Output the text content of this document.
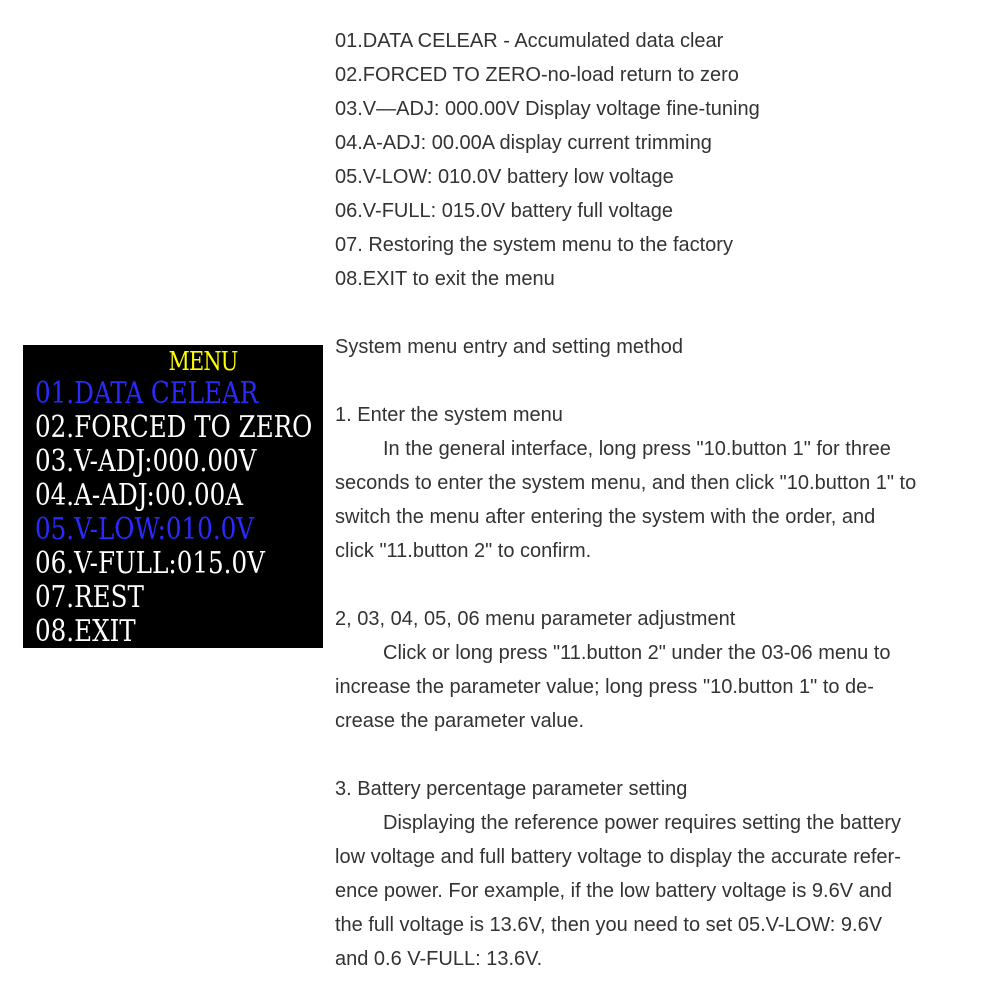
MENU
01.DATA CELEAR
02.FORCED TO ZERO
03.V-ADJ:000.00V
04.A-ADJ:00.00A
05.V-LOW:010.0V
06.V-FULL:015.0V
07.REST
08.EXIT

01.DATA CELEAR - Accumulated data clear

02.FORCED TO ZERO-no-load return to zero

03.V—ADJ: 000.00V Display voltage fine-tuning

04.A-ADJ: 00.00A display current trimming

05.V-LOW: 010.0V battery low voltage

06.V-FULL: 015.0V battery full voltage

07. Restoring the system menu to the factory

08.EXIT to exit the menu

System menu entry and setting method

1. Enter the system menu

In the general interface, long press "10.button 1" for three

seconds to enter the system menu, and then click "10.button 1" to

switch the menu after entering the system with the order, and

click "11.button 2" to confirm.

2, 03, 04, 05, 06 menu parameter adjustment

Click or long press "11.button 2" under the 03-06 menu to

increase the parameter value; long press "10.button 1" to de-

crease the parameter value.

3. Battery percentage parameter setting

Displaying the reference power requires setting the battery

low voltage and full battery voltage to display the accurate refer-

ence power. For example, if the low battery voltage is 9.6V and

the full voltage is 13.6V, then you need to set 05.V-LOW: 9.6V

and 0.6 V-FULL: 13.6V.
